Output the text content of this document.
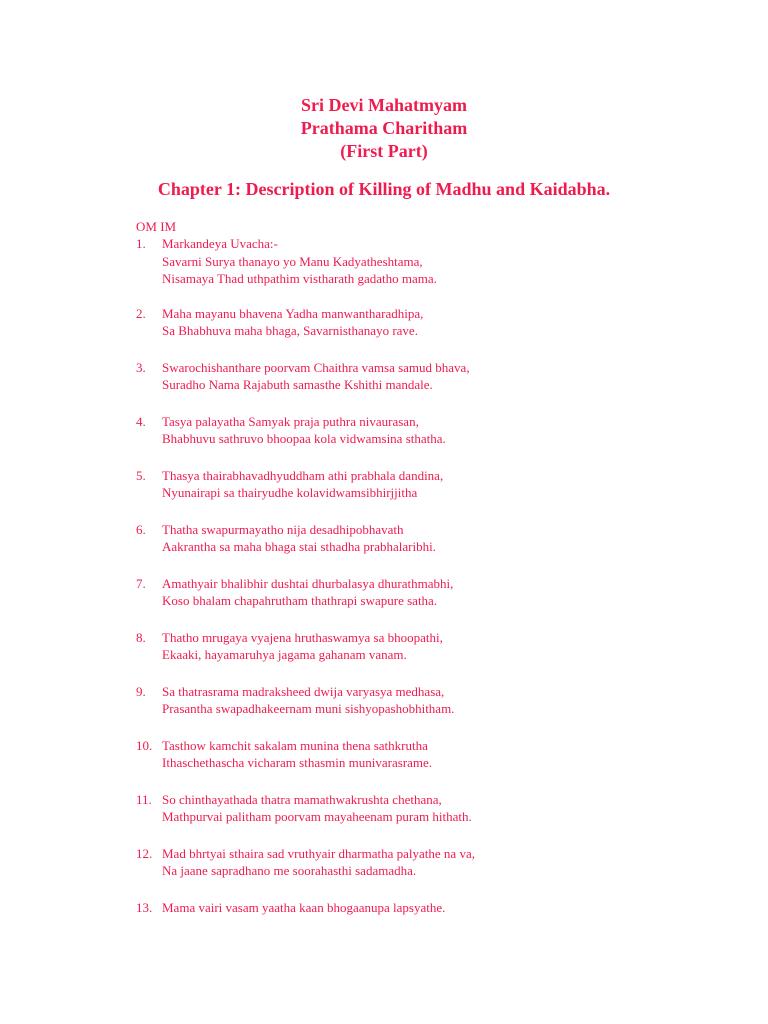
Sri Devi Mahatmyam
Prathama Charitham
(First Part)
Chapter 1: Description of Killing of Madhu and Kaidabha.
OM IM
1. Markandeya Uvacha:-
Savarni Surya thanayo yo Manu Kadyatheshtama,
Nisamaya Thad uthpathim vistharath gadatho mama.
2. Maha mayanu bhavena Yadha manwantharadhipa,
Sa Bhabhuva maha bhaga, Savarnisthanayo rave.
3. Swarochishanthare poorvam Chaithra vamsa samud bhava,
Suradho Nama Rajabuth samasthe Kshithi mandale.
4. Tasya palayatha Samyak praja puthra nivaurasan,
Bhabhuvu sathruvo bhoopaa kola vidwamsina sthatha.
5. Thasya thairabhavadhyuddham athi prabhala dandina,
Nyunairapi sa thairyudhe kolavidwamsibhirjjitha
6. Thatha swapurmayatho nija desadhipobhavath
Aakrantha sa maha bhaga stai sthadha prabhalaribhi.
7. Amathyair bhalibhir dushtai dhurbalasya dhurathmabhi,
Koso bhalam chapahrutham thathrapi swapure satha.
8. Thatho mrugaya vyajena hruthaswamya sa bhoopathi,
Ekaaki, hayamaruhya jagama gahanam vanam.
9. Sa thatrasrama madraksheed dwija varyasya medhasa,
Prasantha swapadhakeernam muni sishyopashobhitham.
10. Tasthow kamchit sakalam munina thena sathkrutha
Ithaschethascha vicharam sthasmin munivarasrame.
11. So chinthayathada thatra mamathwakrushta chethana,
Mathpurvai palitham poorvam mayaheenam puram hithath.
12. Mad bhrtyai sthaira sad vruthyair dharmatha palyathe na va,
Na jaane sapradhano me soorahasthi sadamadha.
13. Mama vairi vasam yaatha kaan bhogaanupa lapsyathe.
